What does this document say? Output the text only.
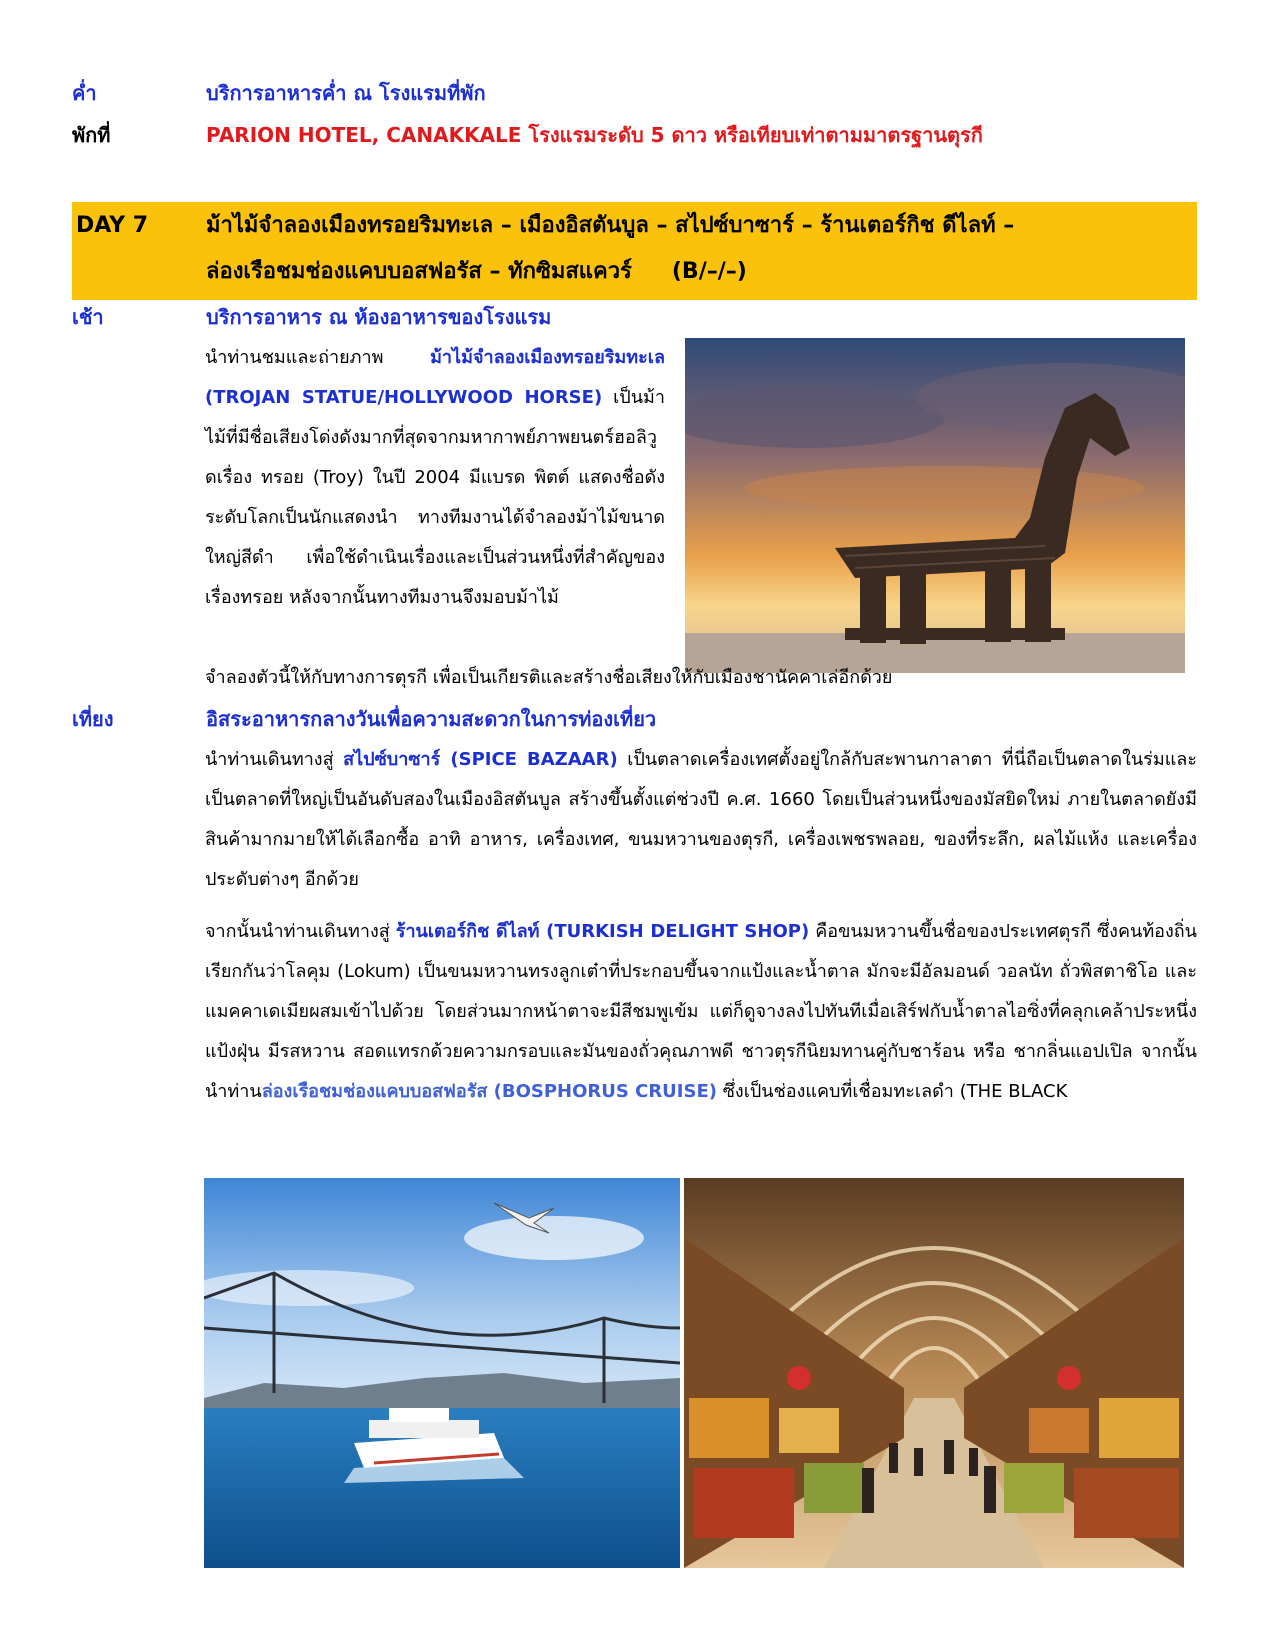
ค่ำ	บริการอาหารค่ำ ณ โรงแรมที่พัก
พักที่	PARION HOTEL, CANAKKALE โรงแรมระดับ 5 ดาว หรือเทียบเท่าตามมาตรฐานตุรกี
DAY 7	ม้าไม้จำลองเมืองทรอยริมทะเล – เมืองอิสตันบูล – สไปซ์บาซาร์ – ร้านเตอร์กิช ดีไลท์ –
ล่องเรือชมช่องแคบบอสฟอรัส – ทักซิมสแควร์ (B/–/–)
เช้า	บริการอาหาร ณ ห้องอาหารของโรงแรม
นำท่านชมและถ่ายภาพ ม้าไม้จำลองเมืองทรอยริมทะเล (TROJAN STATUE/HOLLYWOOD HORSE) เป็นม้าไม้ที่มีชื่อเสียงโด่งดังมากที่สุดจากมหากาพย์ภาพยนตร์ฮอลิวูดเรื่อง ทรอย (Troy) ในปี 2004 มีแบรด พิตต์ แสดงชื่อดังระดับโลกเป็นนักแสดงนำ ทางทีมงานได้จำลองม้าไม้ขนาดใหญ่สีดำ เพื่อใช้ดำเนินเรื่องและเป็นส่วนหนึ่งที่สำคัญของเรื่องทรอย หลังจากนั้นทางทีมงานจึงมอบม้าไม้
จำลองตัวนี้ให้กับทางการตุรกี เพื่อเป็นเกียรติและสร้างชื่อเสียงให้กับเมืองชานัคคาเล่อีกด้วย
เที่ยง	อิสระอาหารกลางวันเพื่อความสะดวกในการท่องเที่ยว
นำท่านเดินทางสู่ สไปซ์บาซาร์ (SPICE BAZAAR) เป็นตลาดเครื่องเทศตั้งอยู่ใกล้กับสะพานกาลาตา ที่นี่ถือเป็นตลาดในร่มและเป็นตลาดที่ใหญ่เป็นอันดับสองในเมืองอิสตันบูล สร้างขึ้นตั้งแต่ช่วงปี ค.ศ. 1660 โดยเป็นส่วนหนึ่งของมัสยิดใหม่ ภายในตลาดยังมีสินค้ามากมายให้ได้เลือกซื้อ อาทิ อาหาร, เครื่องเทศ, ขนมหวานของตุรกี, เครื่องเพชรพลอย, ของที่ระลึก, ผลไม้แห้ง และเครื่องประดับต่างๆ อีกด้วย
จากนั้นนำท่านเดินทางสู่ ร้านเตอร์กิช ดีไลท์ (TURKISH DELIGHT SHOP) คือขนมหวานขึ้นชื่อของประเทศตุรกี ซึ่งคนท้องถิ่นเรียกกันว่าโลคุม (Lokum) เป็นขนมหวานทรงลูกเต๋าที่ประกอบขึ้นจากแป้งและน้ำตาล มักจะมีอัลมอนด์ วอลนัท ถั่วพิสตาชิโอ และแมคคาเดเมียผสมเข้าไปด้วย โดยส่วนมากหน้าตาจะมีสีชมพูเข้ม แต่ก็ดูจางลงไปทันทีเมื่อเสิร์ฟกับน้ำตาลไอซิ่งที่คลุกเคล้าประหนึ่งแป้งฝุ่น มีรสหวาน สอดแทรกด้วยความกรอบและมันของถั่วคุณภาพดี ชาวตุรกีนิยมทานคู่กับชาร้อน หรือ ชากลิ่นแอปเปิล จากนั้นนำท่านล่องเรือชมช่องแคบบอสฟอรัส (BOSPHORUS CRUISE) ซึ่งเป็นช่องแคบที่เชื่อมทะเลดำ (THE BLACK
